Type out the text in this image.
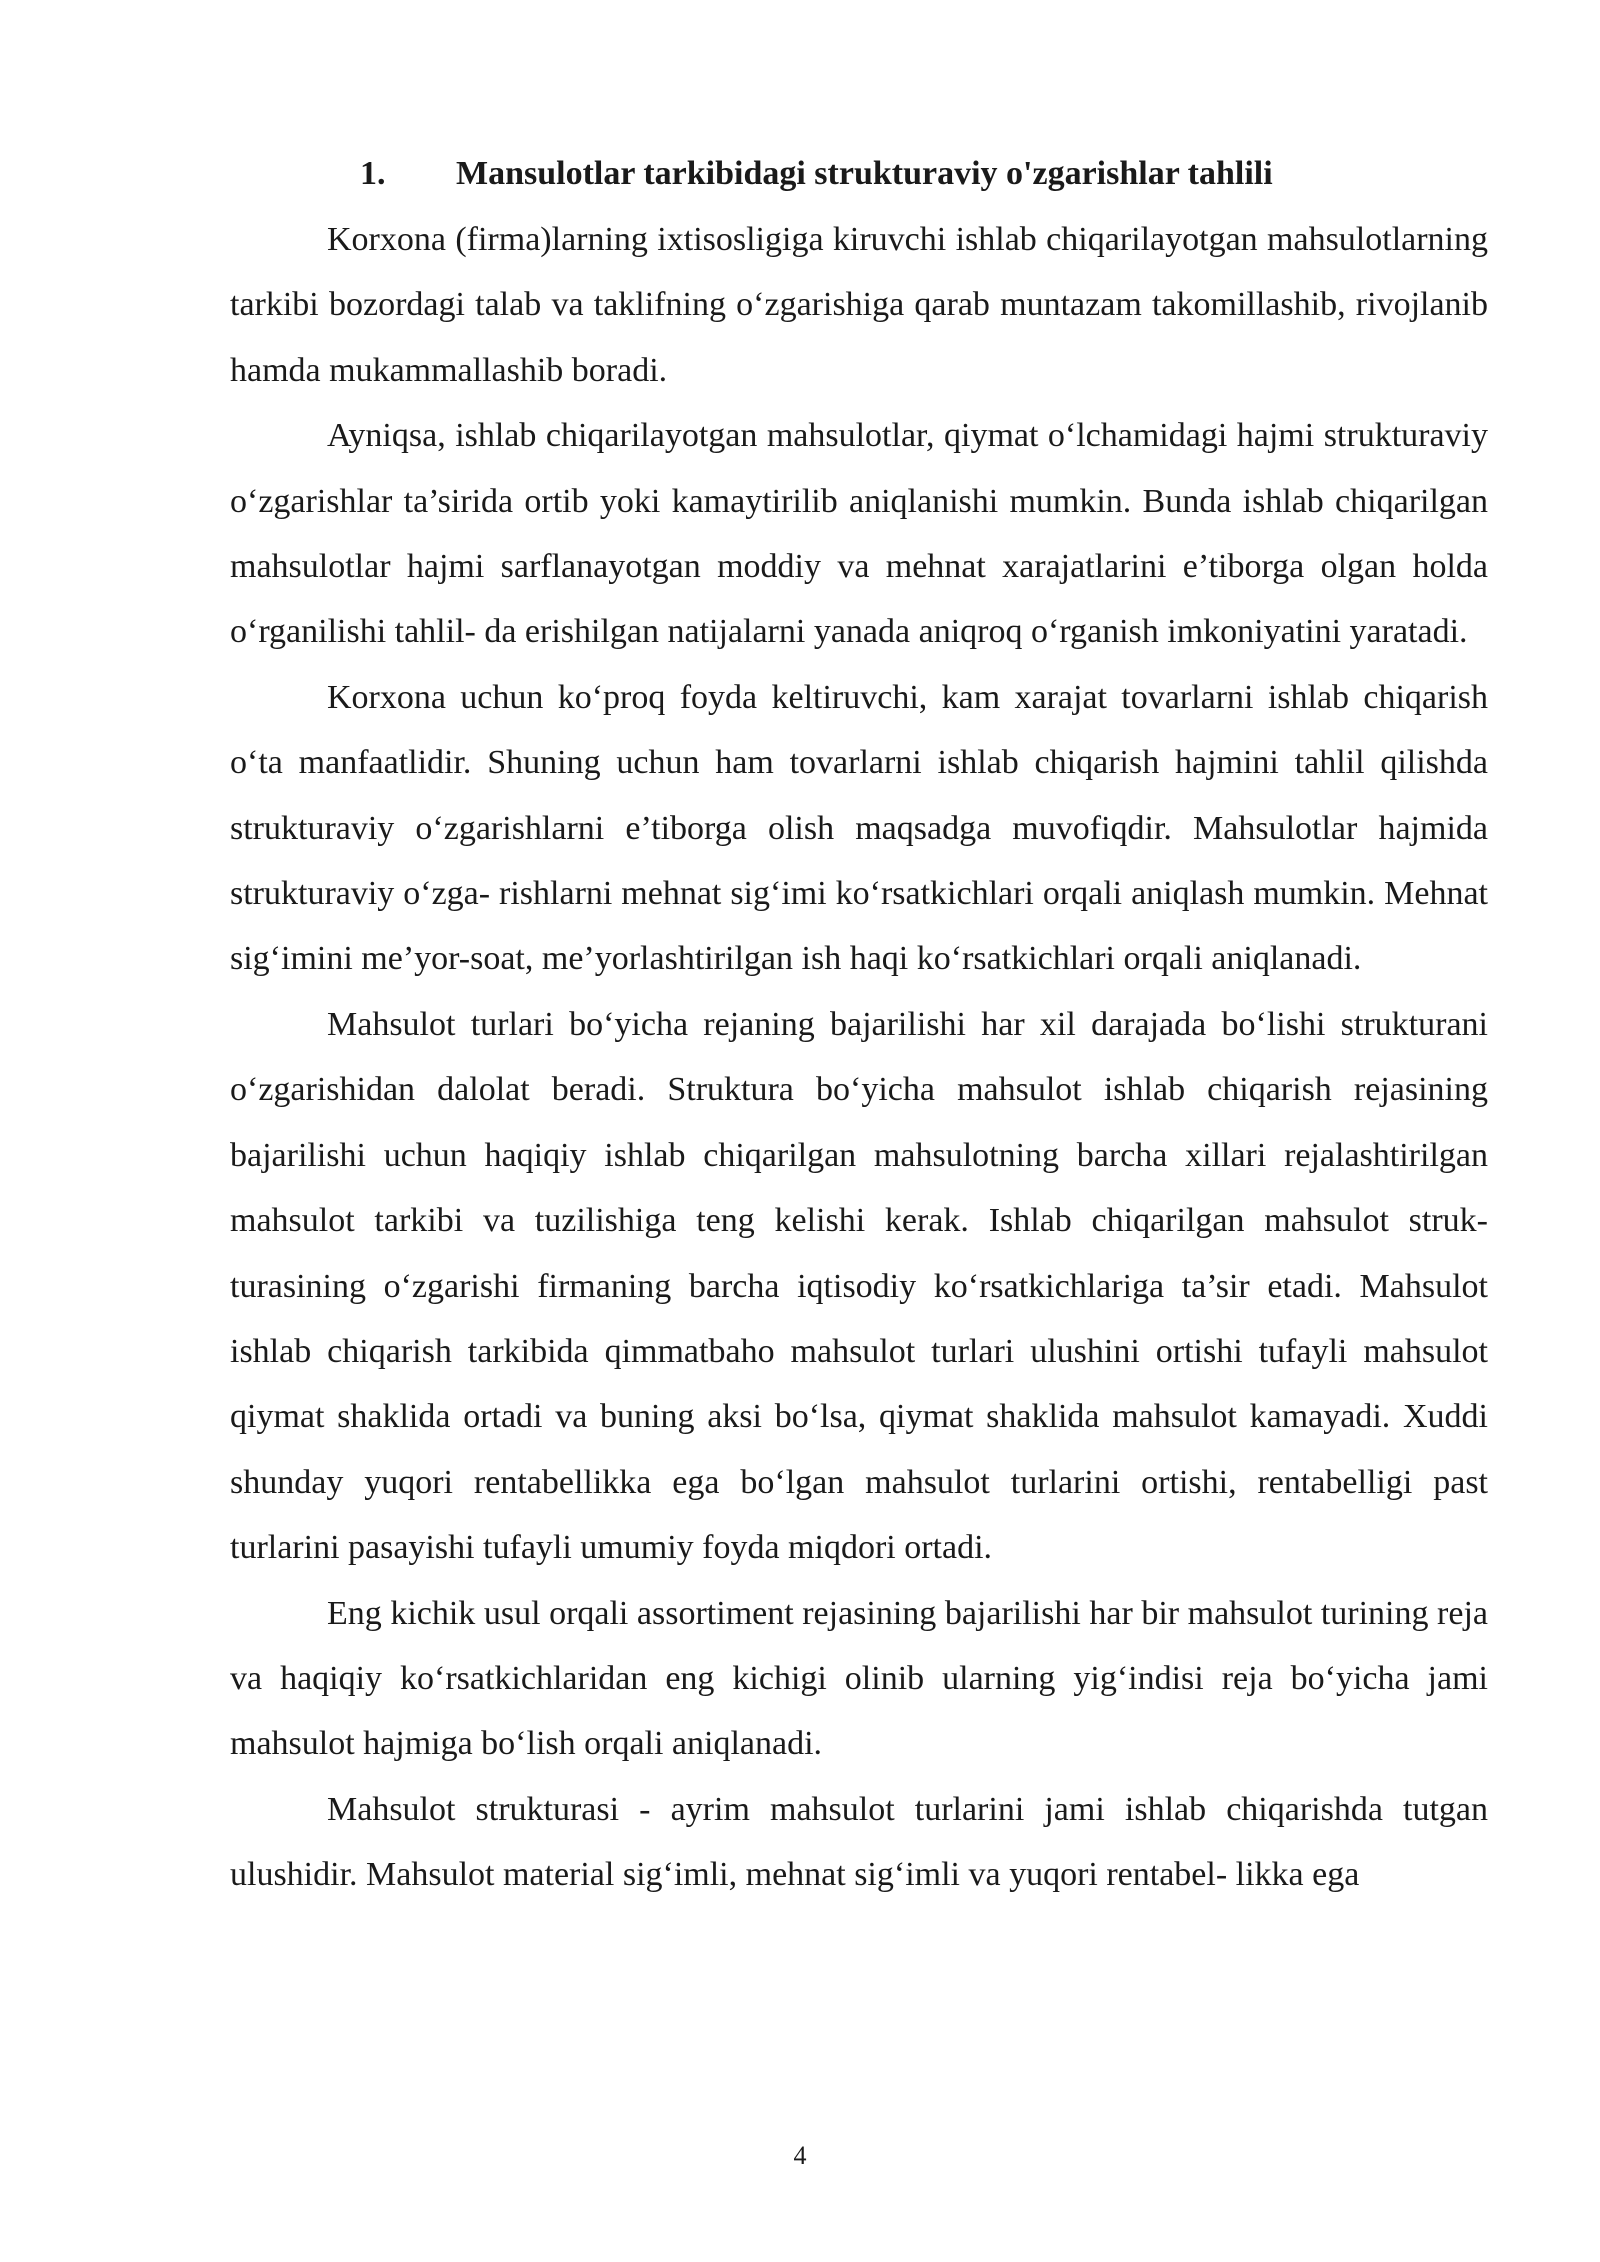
1. Mansulotlar tarkibidagi strukturaviy o'zgarishlar tahlili

Korxona (firma)larning ixtisosligiga kiruvchi ishlab chiqarilayotgan mahsulotlarning tarkibi bozordagi talab va taklifning o‘zgarishiga qarab muntazam takomillashib, rivojlanib hamda mukammallashib boradi.

Ayniqsa, ishlab chiqarilayotgan mahsulotlar, qiymat o‘lchamidagi hajmi strukturaviy o‘zgarishlar ta’sirida ortib yoki kamaytirilib aniqlanishi mumkin. Bunda ishlab chiqarilgan mahsulotlar hajmi sarflanayotgan moddiy va mehnat xarajatlarini e’tiborga olgan holda o‘rganilishi tahlil- da erishilgan natijalarni yanada aniqroq o‘rganish imkoniyatini yaratadi.

Korxona uchun ko‘proq foyda keltiruvchi, kam xarajat tovarlarni ishlab chiqarish o‘ta manfaatlidir. Shuning uchun ham tovarlarni ishlab chiqarish hajmini tahlil qilishda strukturaviy o‘zgarishlarni e’tiborga olish maqsadga muvofiqdir. Mahsulotlar hajmida strukturaviy o‘zga- rishlarni mehnat sig‘imi ko‘rsatkichlari orqali aniqlash mumkin. Mehnat sig‘imini me’yor-soat, me’yorlashtirilgan ish haqi ko‘rsatkichlari orqali aniqlanadi.

Mahsulot turlari bo‘yicha rejaning bajarilishi har xil darajada bo‘lishi strukturani o‘zgarishidan dalolat beradi. Struktura bo‘yicha mahsulot ishlab chiqarish rejasining bajarilishi uchun haqiqiy ishlab chiqarilgan mahsulotning barcha xillari rejalashtirilgan mahsulot tarkibi va tuzilishiga teng kelishi kerak. Ishlab chiqarilgan mahsulot struk- turasining o‘zgarishi firmaning barcha iqtisodiy ko‘rsatkichlariga ta’sir etadi. Mahsulot ishlab chiqarish tarkibida qimmatbaho mahsulot turlari ulushini ortishi tufayli mahsulot qiymat shaklida ortadi va buning aksi bo‘lsa, qiymat shaklida mahsulot kamayadi. Xuddi shunday yuqori rentabellikka ega bo‘lgan mahsulot turlarini ortishi, rentabelligi past turlarini pasayishi tufayli umumiy foyda miqdori ortadi.

Eng kichik usul orqali assortiment rejasining bajarilishi har bir mahsulot turining reja va haqiqiy ko‘rsatkichlaridan eng kichigi olinib ularning yig‘indisi reja bo‘yicha jami mahsulot hajmiga bo‘lish orqali aniqlanadi.

Mahsulot strukturasi - ayrim mahsulot turlarini jami ishlab chiqarishda tutgan ulushidir. Mahsulot material sig‘imli, mehnat sig‘imli va yuqori rentabel- likka ega

4
